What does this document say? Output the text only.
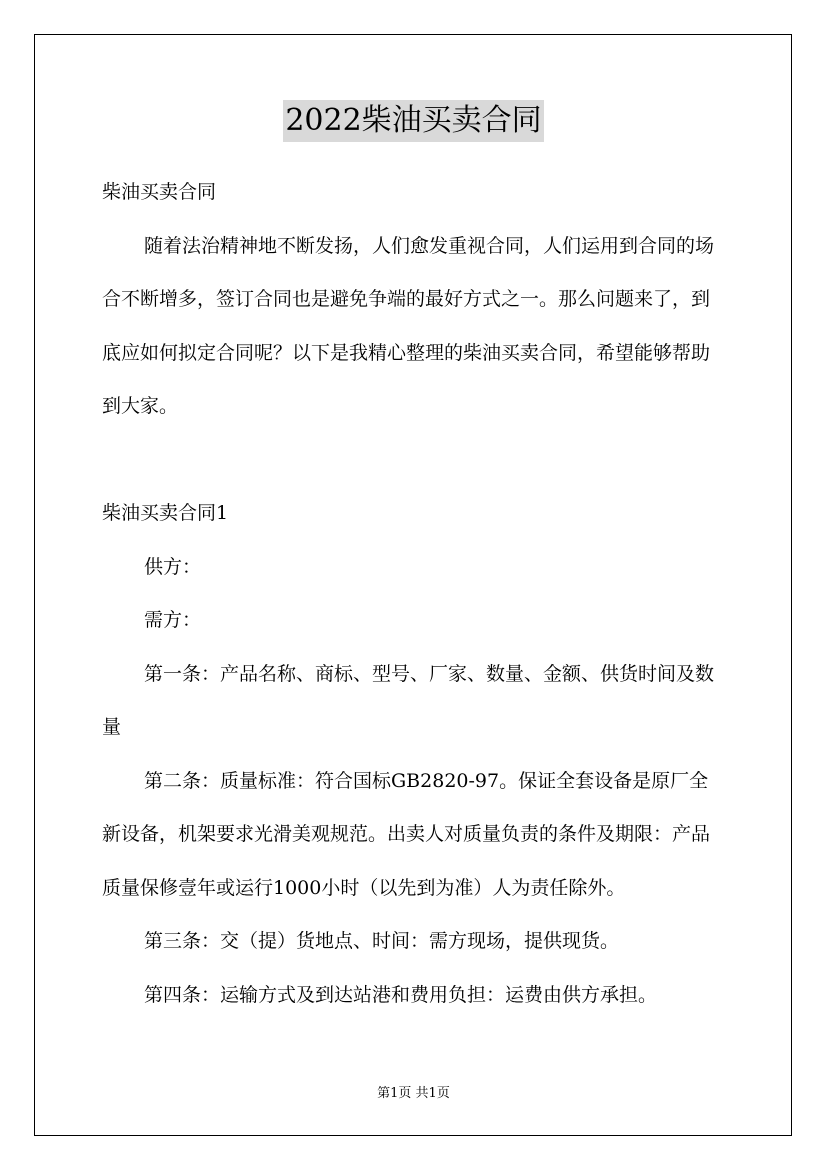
2022柴油买卖合同

柴油买卖合同

随着法治精神地不断发扬，人们愈发重视合同，人们运用到合同的场合不断增多，签订合同也是避免争端的最好方式之一。那么问题来了，到底应如何拟定合同呢？以下是我精心整理的柴油买卖合同，希望能够帮助到大家。

柴油买卖合同1

供方：

需方：

第一条：产品名称、商标、型号、厂家、数量、金额、供货时间及数量

第二条：质量标准：符合国标GB2820-97。保证全套设备是原厂全新设备，机架要求光滑美观规范。出卖人对质量负责的条件及期限：产品质量保修壹年或运行1000小时（以先到为准）人为责任除外。

第三条：交（提）货地点、时间：需方现场，提供现货。

第四条：运输方式及到达站港和费用负担：运费由供方承担。

第1页 共1页
